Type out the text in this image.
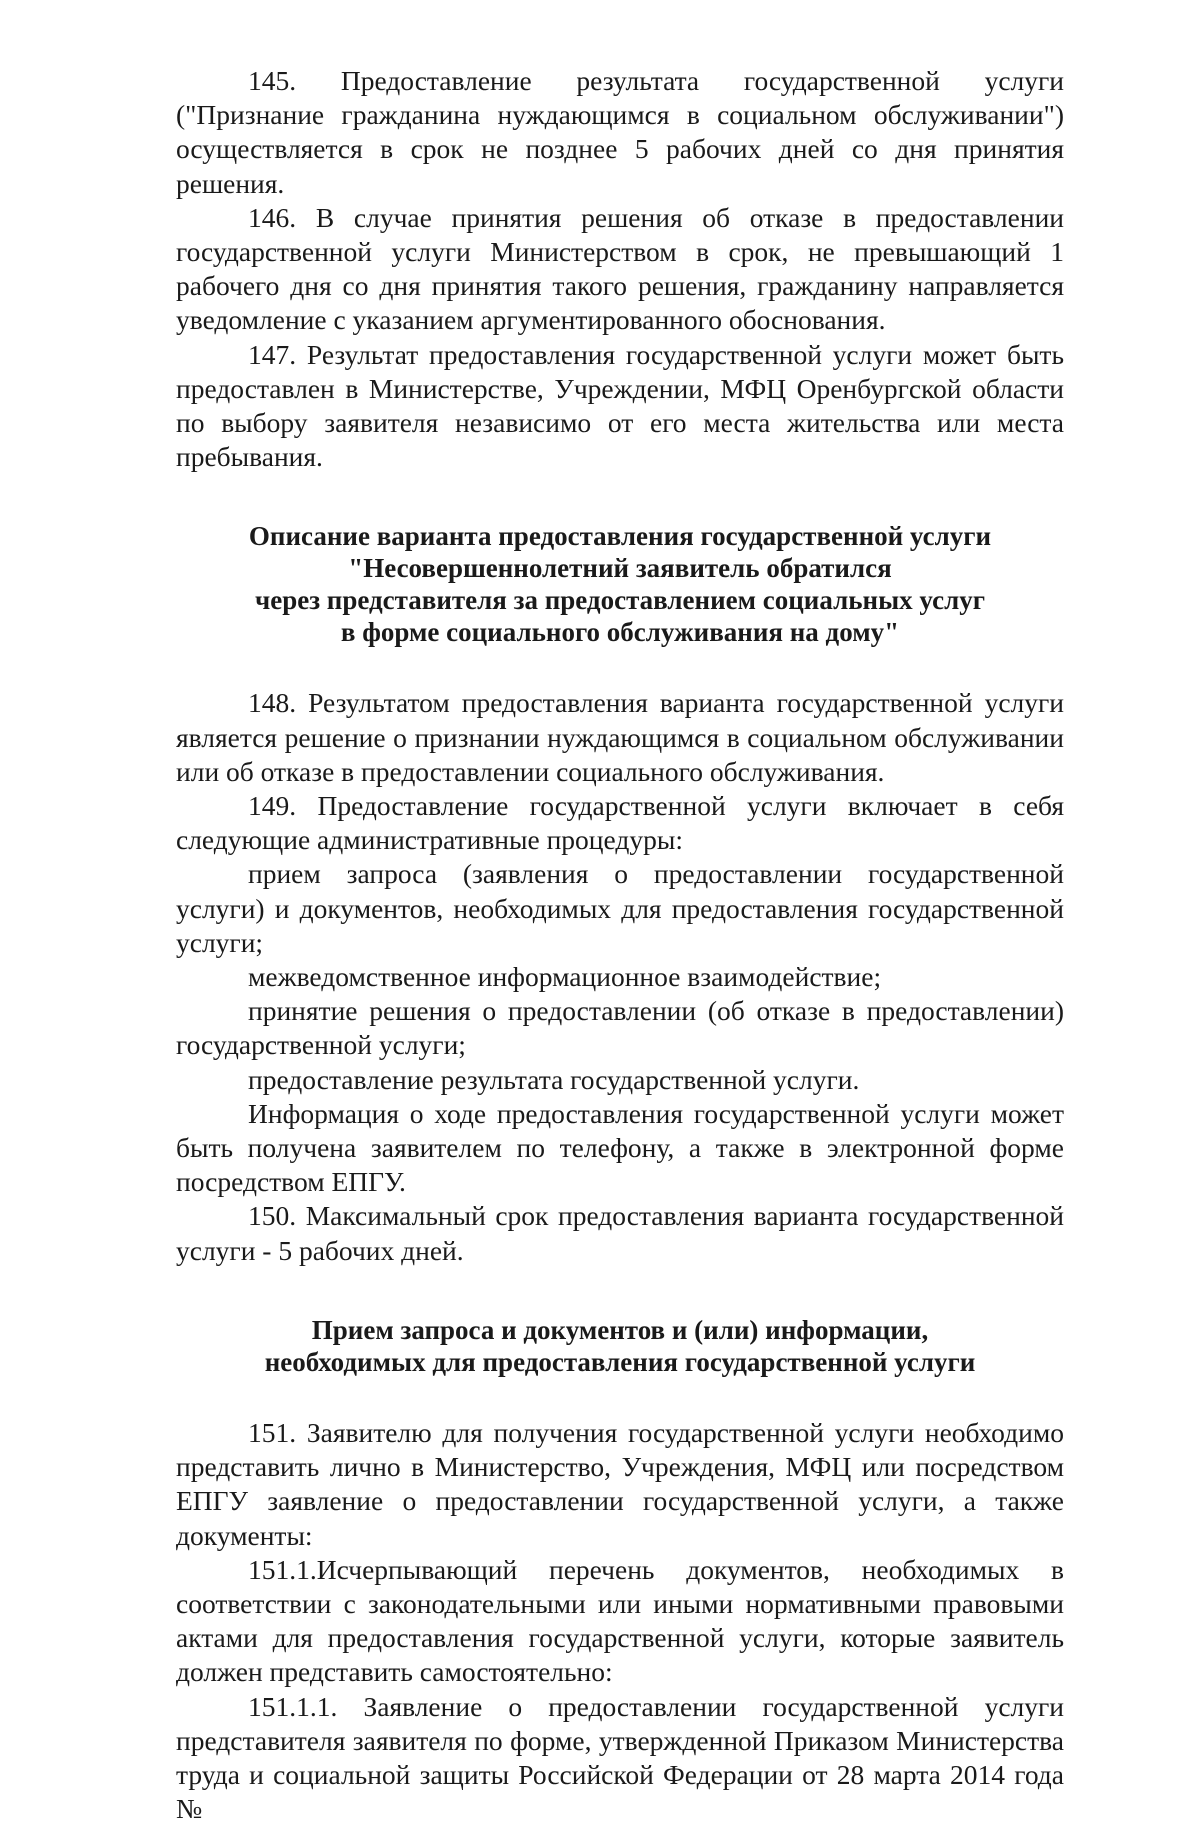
145. Предоставление результата государственной услуги ("Признание гражданина нуждающимся в социальном обслуживании") осуществляется в срок не позднее 5 рабочих дней со дня принятия решения.

146. В случае принятия решения об отказе в предоставлении государственной услуги Министерством в срок, не превышающий 1 рабочего дня со дня принятия такого решения, гражданину направляется уведомление с указанием аргументированного обоснования.

147. Результат предоставления государственной услуги может быть предоставлен в Министерстве, Учреждении, МФЦ Оренбургской области по выбору заявителя независимо от его места жительства или места пребывания.

Описание варианта предоставления государственной услуги
"Несовершеннолетний заявитель обратился
через представителя за предоставлением социальных услуг
в форме социального обслуживания на дому"

148. Результатом предоставления варианта государственной услуги является решение о признании нуждающимся в социальном обслуживании или об отказе в предоставлении социального обслуживания.

149. Предоставление государственной услуги включает в себя следующие административные процедуры:

прием запроса (заявления о предоставлении государственной услуги) и документов, необходимых для предоставления государственной услуги;

межведомственное информационное взаимодействие;

принятие решения о предоставлении (об отказе в предоставлении) государственной услуги;

предоставление результата государственной услуги.

Информация о ходе предоставления государственной услуги может быть получена заявителем по телефону, а также в электронной форме посредством ЕПГУ.

150. Максимальный срок предоставления варианта государственной услуги - 5 рабочих дней.

Прием запроса и документов и (или) информации,
необходимых для предоставления государственной услуги

151. Заявителю для получения государственной услуги необходимо представить лично в Министерство, Учреждения, МФЦ или посредством ЕПГУ заявление о предоставлении государственной услуги, а также документы:

151.1.Исчерпывающий перечень документов, необходимых в соответствии с законодательными или иными нормативными правовыми актами для предоставления государственной услуги, которые заявитель должен представить самостоятельно:

151.1.1. Заявление о предоставлении государственной услуги представителя заявителя по форме, утвержденной Приказом Министерства труда и социальной защиты Российской Федерации от 28 марта 2014 года №
